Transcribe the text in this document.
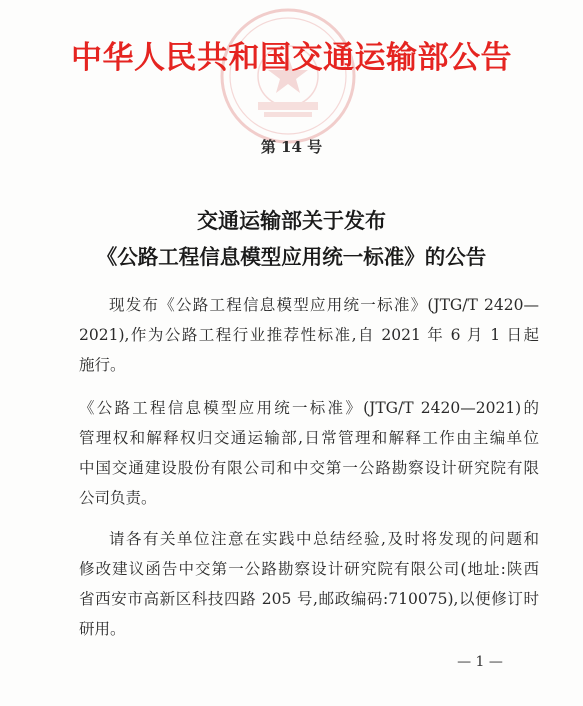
中华人民共和国交通运输部公告
第 14 号
交通运输部关于发布
《公路工程信息模型应用统一标准》的公告
现发布《公路工程信息模型应用统一标准》(JTG/T 2420—
2021),作为公路工程行业推荐性标准,自 2021 年 6 月 1 日起
施行。
《公路工程信息模型应用统一标准》(JTG/T 2420—2021)的
管理权和解释权归交通运输部,日常管理和解释工作由主编单位
中国交通建设股份有限公司和中交第一公路勘察设计研究院有限
公司负责。
请各有关单位注意在实践中总结经验,及时将发现的问题和
修改建议函告中交第一公路勘察设计研究院有限公司(地址:陕西
省西安市高新区科技四路 205 号,邮政编码:710075),以便修订时
研用。
— 1 —
